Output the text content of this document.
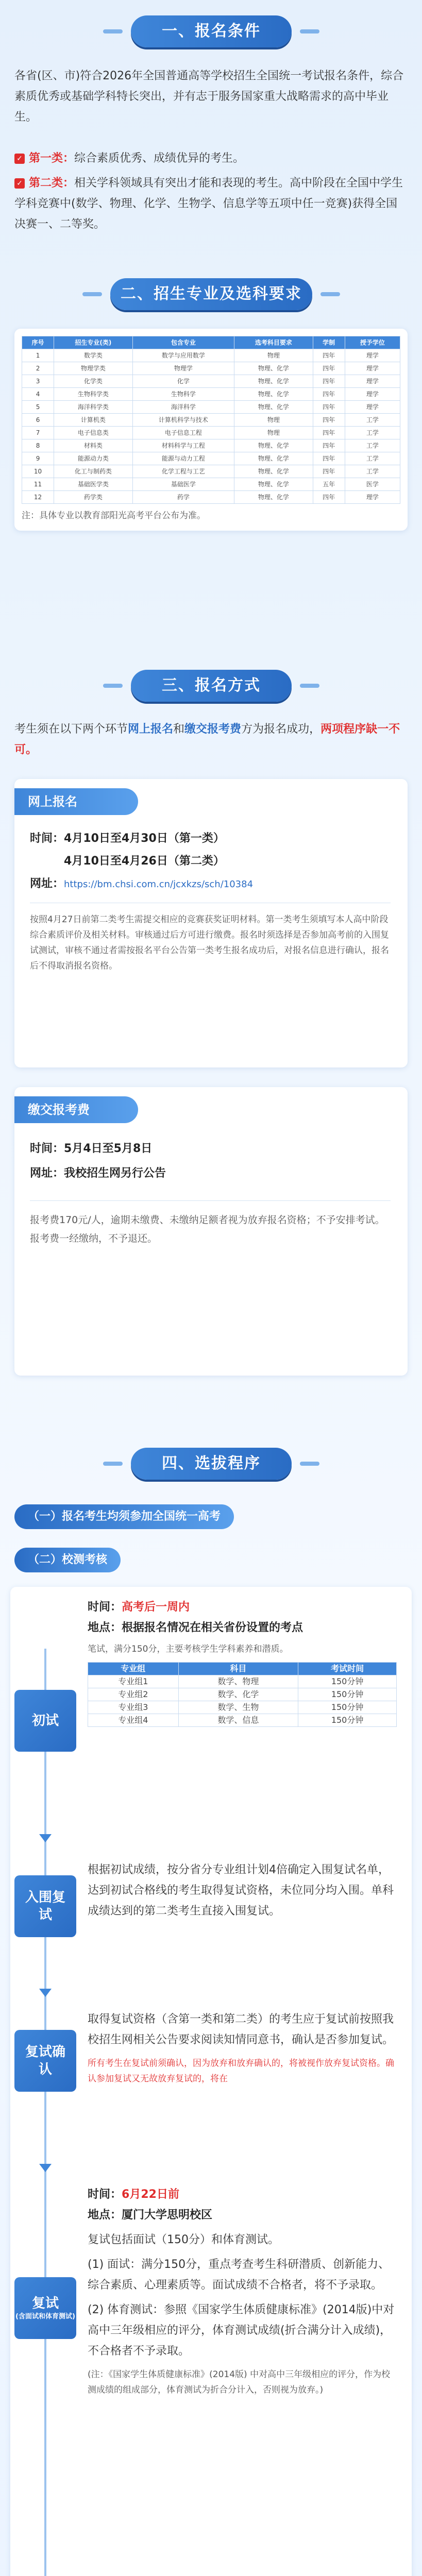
一、报名条件
各省(区、市)符合2026年全国普通高等学校招生全国统一考试报名条件，综合素质优秀或基础学科特长突出，并有志于服务国家重大战略需求的高中毕业生。
✓ 第一类：综合素质优秀、成绩优异的考生。
✓ 第二类：相关学科领域具有突出才能和表现的考生。高中阶段在全国中学生学科竞赛中(数学、物理、化学、生物学、信息学等五项中任一竞赛)获得全国决赛一、二等奖。
二、招生专业及选科要求
序号	招生专业(类)	包含专业	选考科目要求	学制	授予学位
1	数学类	数学与应用数学	物理	四年	理学
2	物理学类	物理学	物理、化学	四年	理学
3	化学类	化学	物理、化学	四年	理学
4	生物科学类	生物科学	物理、化学	四年	理学
5	海洋科学类	海洋科学	物理、化学	四年	理学
6	计算机类	计算机科学与技术	物理	四年	工学
7	电子信息类	电子信息工程	物理	四年	工学
8	材料类	材料科学与工程	物理、化学	四年	工学
9	能源动力类	能源与动力工程	物理、化学	四年	工学
10	化工与制药类	化学工程与工艺	物理、化学	四年	工学
11	基础医学类	基础医学	物理、化学	五年	医学
12	药学类	药学	物理、化学	四年	理学
注：具体专业以教育部阳光高考平台公布为准。
三、报名方式
考生须在以下两个环节网上报名和缴交报考费方为报名成功，两项程序缺一不可。
网上报名
时间：4月10日至4月30日（第一类）
4月10日至4月26日（第二类）
网址：https://bm.chsi.com.cn/jcxkzs/sch/10384
按照4月27日前第二类考生需提交相应的竞赛获奖证明材料。第一类考生须填写本人高中阶段综合素质评价及相关材料。审核通过后方可进行缴费。报名时须选择是否参加高考前的入围复试测试，审核不通过者需按报名平台公告第一类考生报名成功后，对报名信息进行确认，报名后不得取消报名资格。
缴交报考费
时间：5月4日至5月8日
网址：我校招生网另行公告
报考费170元/人，逾期未缴费、未缴纳足额者视为放弃报名资格；不予安排考试。报考费一经缴纳，不予退还。
四、选拔程序
（一）报名考生均须参加全国统一高考
（二）校测考核
初试
时间：高考后一周内
地点：根据报名情况在相关省份设置的考点
笔试，满分150分，主要考核学生学科素养和潜质。
专业组	科目	考试时间
专业组1	数学、物理	150分钟
专业组2	数学、化学	150分钟
专业组3	数学、生物	150分钟
专业组4	数学、信息	150分钟
入围复试
根据初试成绩，按分省分专业组计划4倍确定入围复试名单，达到初试合格线的考生取得复试资格，未位同分均入围。单科成绩达到的第二类考生直接入围复试。
复试确认
取得复试资格（含第一类和第二类）的考生应于复试前按照我校招生网相关公告要求阅读知情同意书，确认是否参加复试。
所有考生在复试前须确认，因为放弃和放弃确认的，将被视作放弃复试资格。确认参加复试又无故放弃复试的，将在
复试
(含面试和体育测试)
时间：6月22日前
地点：厦门大学思明校区
复试包括面试（150分）和体育测试。
(1) 面试：满分150分，重点考查考生科研潜质、创新能力、综合素质、心理素质等。面试成绩不合格者，将不予录取。
(2) 体育测试：参照《国家学生体质健康标准》(2014版)中对高中三年级相应的评分，体育测试成绩(折合满分计入成绩)，不合格者不予录取。
(注：《国家学生体质健康标准》(2014版) 中对高中三年级相应的评分，作为校测成绩的组成部分，体育测试为折合分计入，否则视为放弃。)
